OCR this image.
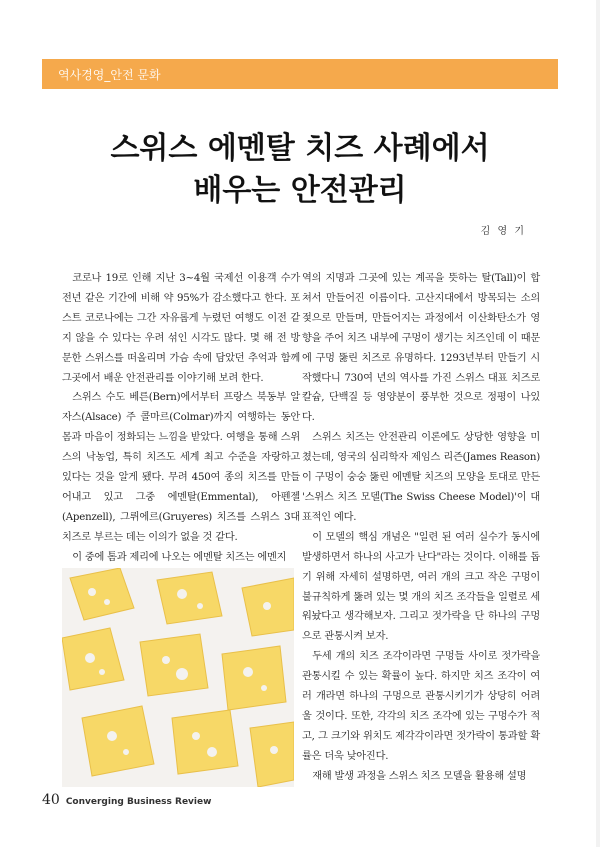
역사경영_안전 문화
스위스 에멘탈 치즈 사례에서
배우는 안전관리
김 영 기

코로나 19로 인해 지난 3~4월 국제선 이용객 수가 전년 같은 기간에 비해 약 95%가 감소했다고 한다. 포스트 코로나에는 그간 자유롭게 누렸던 여행도 이전 같지 않을 수 있다는 우려 섞인 시각도 많다. 몇 해 전 방문한 스위스를 떠올리며 가슴 속에 담았던 추억과 함께 그곳에서 배운 안전관리를 이야기해 보려 한다.

스위스 수도 베른(Bern)에서부터 프랑스 북동부 알자스(Alsace) 주 콜마르(Colmar)까지 여행하는 동안 몸과 마음이 정화되는 느낌을 받았다. 여행을 통해 스위스의 낙농업, 특히 치즈도 세계 최고 수준을 자랑하고 있다는 것을 알게 됐다. 무려 450여 종의 치즈를 만들어내고 있고 그중 에멘탈(Emmental), 아펜젤(Apenzell), 그뤼에르(Gruyeres) 치즈를 스위스 3대 치즈로 부르는 데는 이의가 없을 것 같다.

이 중에 톰과 제리에 나오는 에멘탈 치즈는 에멘지

역의 지명과 그곳에 있는 계곡을 뜻하는 탈(Tall)이 합쳐서 만들어진 이름이다. 고산지대에서 방목되는 소의 젖으로 만들며, 만들어지는 과정에서 이산화탄소가 영향을 주어 치즈 내부에 구멍이 생기는 치즈인데 이 때문에 구멍 뚫린 치즈로 유명하다. 1293년부터 만들기 시작했다니 730여 년의 역사를 가진 스위스 대표 치즈로 칼슘, 단백질 등 영양분이 풍부한 것으로 정평이 나있다.

스위스 치즈는 안전관리 이론에도 상당한 영향을 미쳤는데, 영국의 심리학자 제임스 리즌(James Reason)이 구멍이 숭숭 뚫린 에멘탈 치즈의 모양을 토대로 만든 '스위스 치즈 모델(The Swiss Cheese Model)'이 대표적인 예다.

이 모델의 핵심 개념은 "일련 된 여러 실수가 동시에 발생하면서 하나의 사고가 난다"라는 것이다. 이해를 돕기 위해 자세히 설명하면, 여러 개의 크고 작은 구멍이 불규칙하게 뚫려 있는 몇 개의 치즈 조각들을 일렬로 세워놨다고 생각해보자. 그리고 젓가락을 단 하나의 구멍으로 관통시켜 보자.

두세 개의 치즈 조각이라면 구멍들 사이로 젓가락을 관통시킬 수 있는 확률이 높다. 하지만 치즈 조각이 여러 개라면 하나의 구멍으로 관통시키기가 상당히 어려울 것이다. 또한, 각각의 치즈 조각에 있는 구멍수가 적고, 그 크기와 위치도 제각각이라면 젓가락이 통과할 확률은 더욱 낮아진다.

재해 발생 과정을 스위스 치즈 모델을 활용해 설명

40 Converging Business Review
